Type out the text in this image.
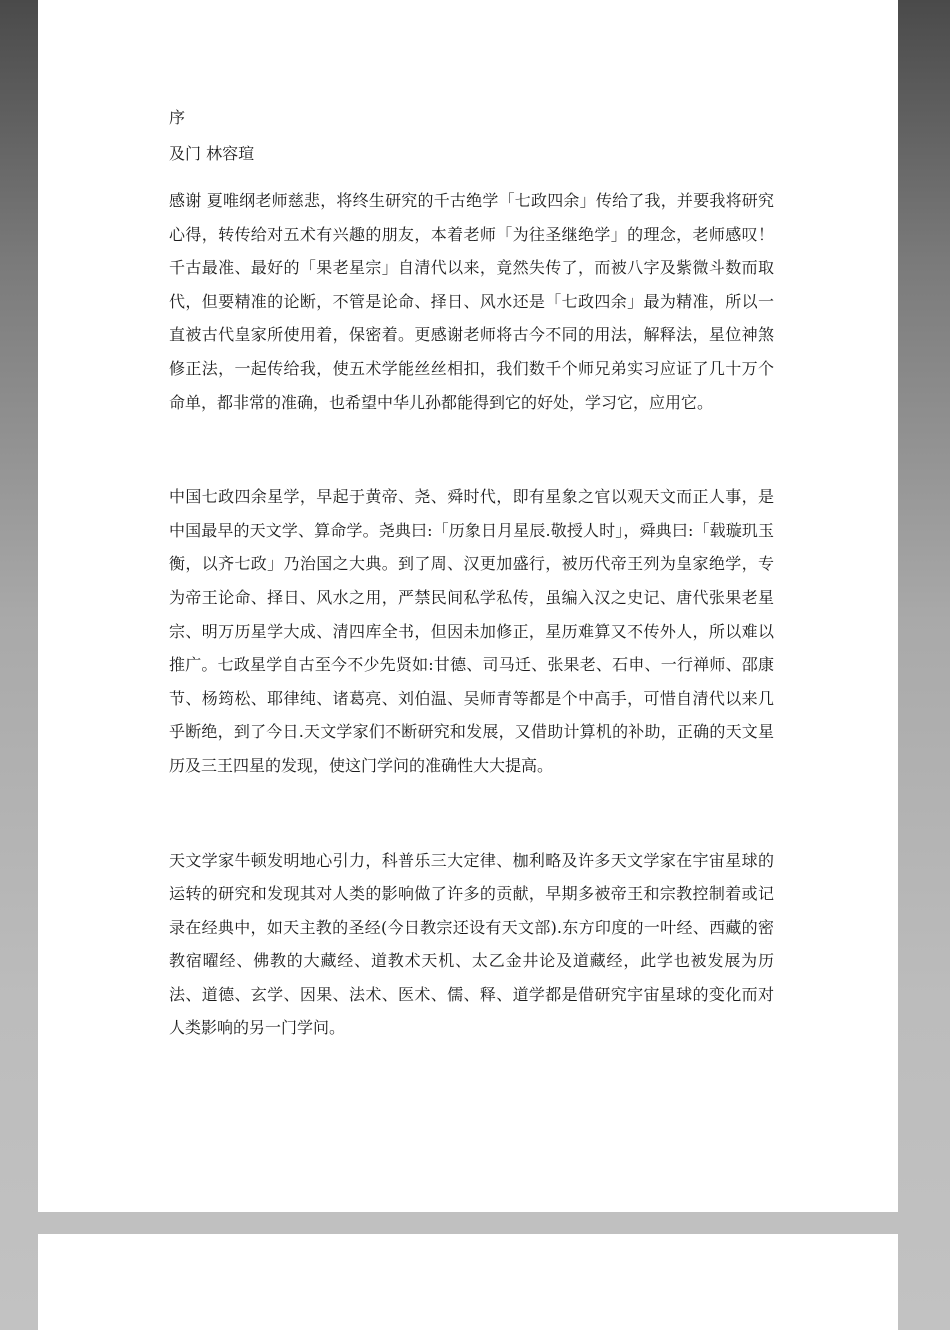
序

及门 林容瑄

感谢 夏唯纲老师慈悲，将终生研究的千古绝学「七政四余」传给了我，并要我将研究心得，转传给对五术有兴趣的朋友，本着老师「为往圣继绝学」的理念，老师感叹！千古最准、最好的「果老星宗」自清代以来，竟然失传了，而被八字及紫微斗数而取代，但要精准的论断，不管是论命、择日、风水还是「七政四余」最为精准，所以一直被古代皇家所使用着，保密着。更感谢老师将古今不同的用法，解释法，星位神煞修正法，一起传给我，使五术学能丝丝相扣，我们数千个师兄弟实习应证了几十万个命单，都非常的准确，也希望中华儿孙都能得到它的好处，学习它，应用它。

中国七政四余星学，早起于黄帝、尧、舜时代，即有星象之官以观天文而正人事，是中国最早的天文学、算命学。尧典曰:「历象日月星辰.敬授人时」，舜典曰:「载璇玑玉衡，以齐七政」乃治国之大典。到了周、汉更加盛行，被历代帝王列为皇家绝学，专为帝王论命、择日、风水之用，严禁民间私学私传，虽编入汉之史记、唐代张果老星宗、明万历星学大成、清四库全书，但因未加修正，星历难算又不传外人，所以难以推广。七政星学自古至今不少先贤如:甘德、司马迁、张果老、石申、一行禅师、邵康节、杨筠松、耶律纯、诸葛亮、刘伯温、吴师青等都是个中高手，可惜自清代以来几乎断绝，到了今日.天文学家们不断研究和发展，又借助计算机的补助，正确的天文星历及三王四星的发现，使这门学问的准确性大大提高。

天文学家牛顿发明地心引力，科普乐三大定律、枷利略及许多天文学家在宇宙星球的运转的研究和发现其对人类的影响做了许多的贡献，早期多被帝王和宗教控制着或记录在经典中，如天主教的圣经(今日教宗还设有天文部).东方印度的一叶经、西藏的密教宿曜经、佛教的大藏经、道教术天机、太乙金井论及道藏经，此学也被发展为历法、道德、玄学、因果、法术、医术、儒、释、道学都是借研究宇宙星球的变化而对人类影响的另一门学问。
